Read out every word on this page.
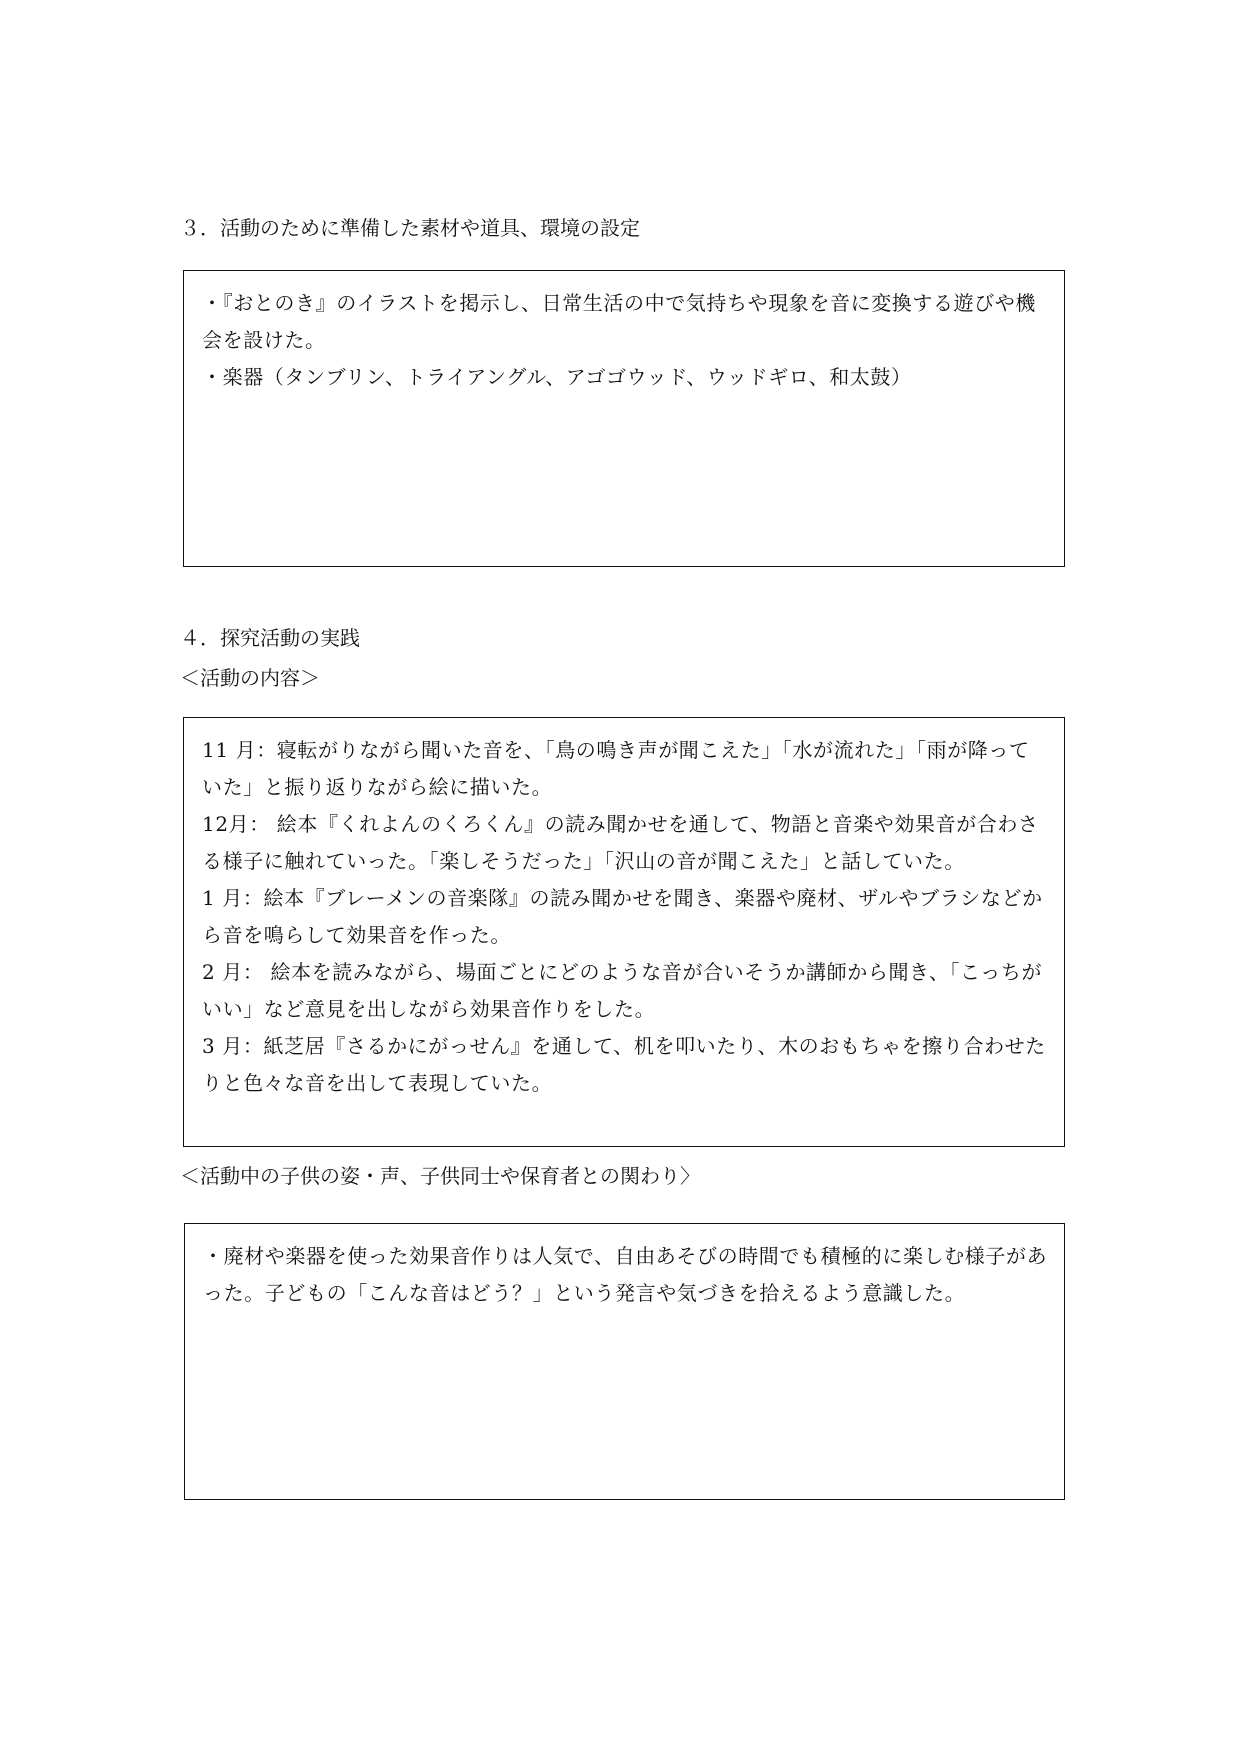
３．活動のために準備した素材や道具、環境の設定

・『おとのき』のイラストを掲示し、日常生活の中で気持ちや現象を音に変換する遊びや機会を設けた。

・楽器（タンブリン、トライアングル、アゴゴウッド、ウッドギロ、和太鼓）

４．探究活動の実践
＜活動の内容＞

11 月：寝転がりながら聞いた音を、「鳥の鳴き声が聞こえた」「水が流れた」「雨が降っていた」と振り返りながら絵に描いた。

12月： 絵本『くれよんのくろくん』の読み聞かせを通して、物語と音楽や効果音が合わさる様子に触れていった。「楽しそうだった」「沢山の音が聞こえた」と話していた。

1 月：絵本『ブレーメンの音楽隊』の読み聞かせを聞き、楽器や廃材、ザルやブラシなどから音を鳴らして効果音を作った。

2 月： 絵本を読みながら、場面ごとにどのような音が合いそうか講師から聞き、「こっちがいい」など意見を出しながら効果音作りをした。

3 月：紙芝居『さるかにがっせん』を通して、机を叩いたり、木のおもちゃを擦り合わせたりと色々な音を出して表現していた。

＜活動中の子供の姿・声、子供同士や保育者との関わり〉

・廃材や楽器を使った効果音作りは人気で、自由あそびの時間でも積極的に楽しむ様子があった。子どもの「こんな音はどう？」という発言や気づきを拾えるよう意識した。
